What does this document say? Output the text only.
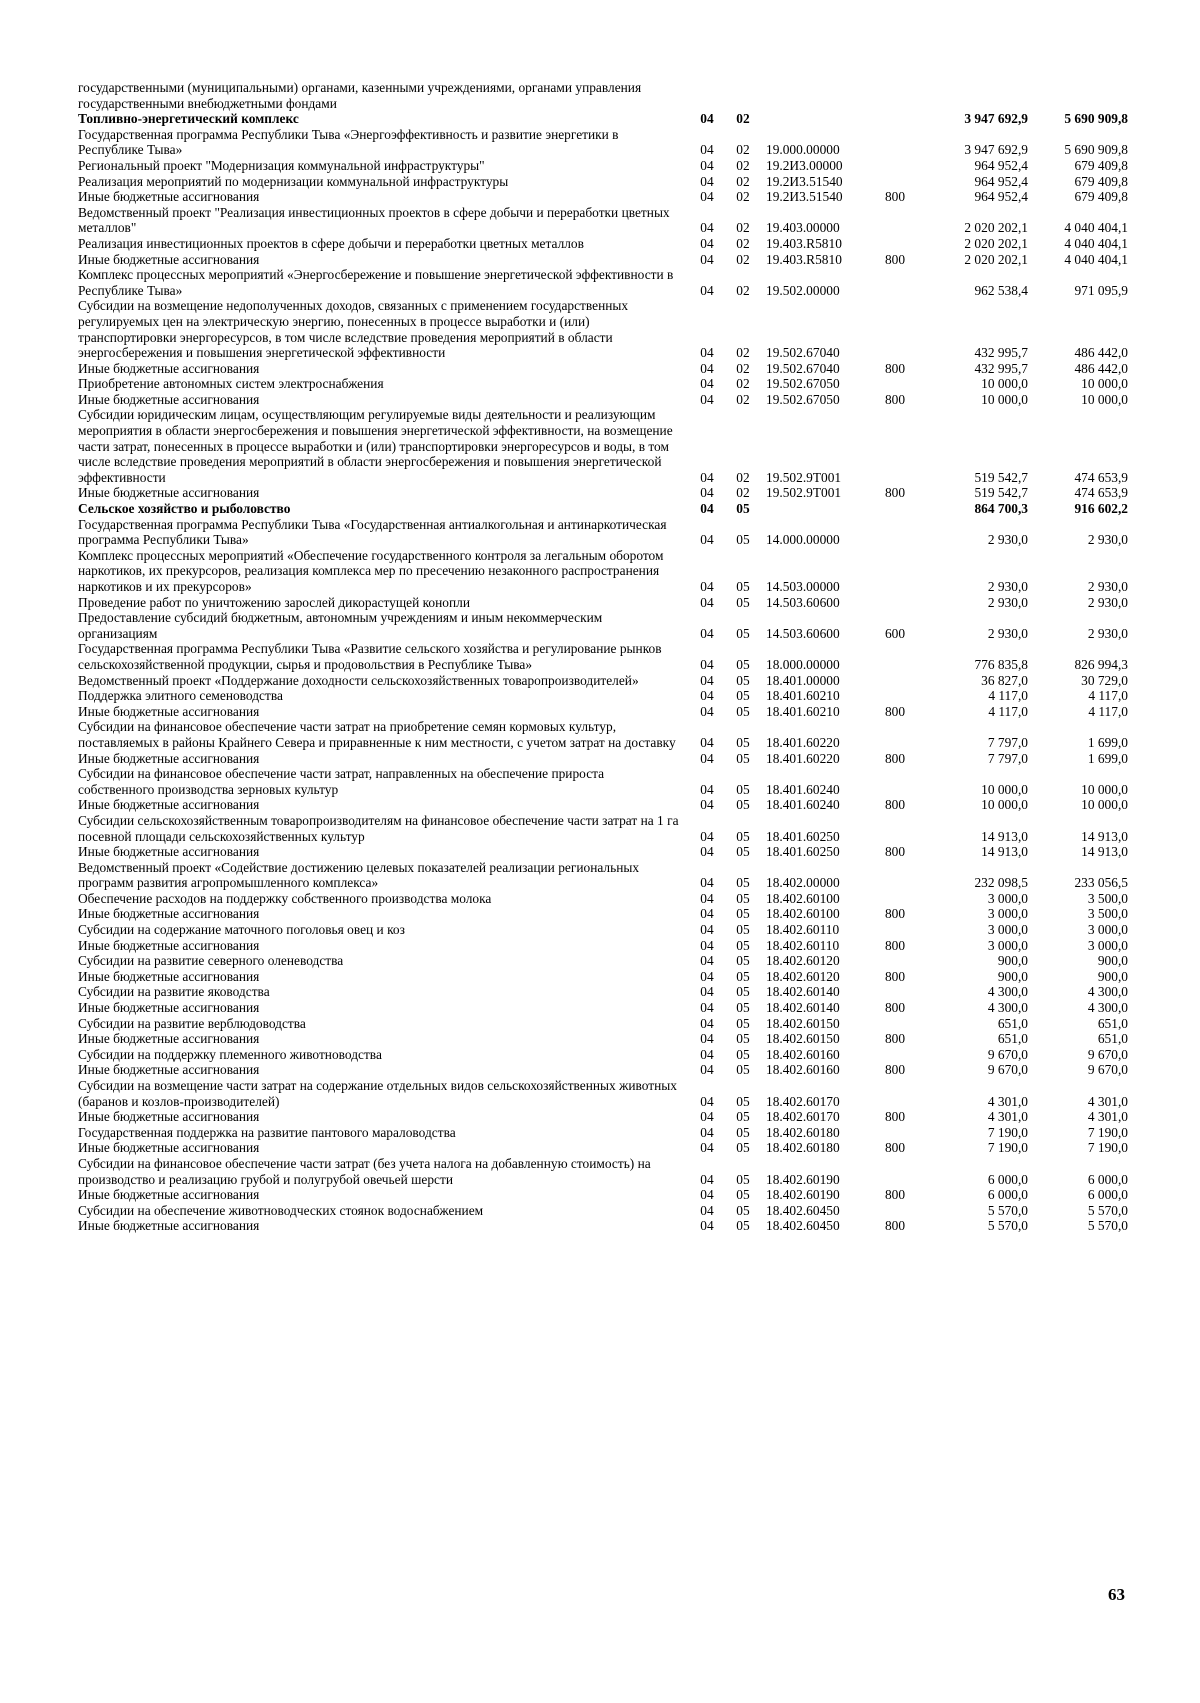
государственными (муниципальными) органами, казенными учреждениями, органами управления государственными внебюджетными фондами						
Топливно-энергетический комплекс	04	02			3 947 692,9	5 690 909,8
Государственная программа Республики Тыва «Энергоэффективность и развитие энергетики в Республике Тыва»	04	02	19.000.00000		3 947 692,9	5 690 909,8
Региональный проект "Модернизация коммунальной инфраструктуры"	04	02	19.2И3.00000		964 952,4	679 409,8
Реализация мероприятий по модернизации коммунальной инфраструктуры	04	02	19.2И3.51540		964 952,4	679 409,8
Иные бюджетные ассигнования	04	02	19.2И3.51540	800	964 952,4	679 409,8
Ведомственный проект "Реализация инвестиционных проектов в сфере добычи и переработки цветных металлов"	04	02	19.403.00000		2 020 202,1	4 040 404,1
Реализация инвестиционных проектов в сфере добычи и переработки цветных металлов	04	02	19.403.R5810		2 020 202,1	4 040 404,1
Иные бюджетные ассигнования	04	02	19.403.R5810	800	2 020 202,1	4 040 404,1
Комплекс процессных мероприятий «Энергосбережение и повышение энергетической эффективности в Республике Тыва»	04	02	19.502.00000		962 538,4	971 095,9
Субсидии на возмещение недополученных доходов, связанных с применением государственных регулируемых цен на электрическую энергию, понесенных в процессе выработки и (или) транспортировки энергоресурсов, в том числе вследствие проведения мероприятий в области энергосбережения и повышения энергетической эффективности	04	02	19.502.67040		432 995,7	486 442,0
Иные бюджетные ассигнования	04	02	19.502.67040	800	432 995,7	486 442,0
Приобретение автономных систем электроснабжения	04	02	19.502.67050		10 000,0	10 000,0
Иные бюджетные ассигнования	04	02	19.502.67050	800	10 000,0	10 000,0
Субсидии юридическим лицам, осуществляющим регулируемые виды деятельности и реализующим мероприятия в области энергосбережения и повышения энергетической эффективности, на возмещение части затрат, понесенных в процессе выработки и (или) транспортировки энергоресурсов и воды, в том числе вследствие проведения мероприятий в области энергосбережения и повышения энергетической эффективности	04	02	19.502.9Т001		519 542,7	474 653,9
Иные бюджетные ассигнования	04	02	19.502.9Т001	800	519 542,7	474 653,9
Сельское хозяйство и рыболовство	04	05			864 700,3	916 602,2
Государственная программа Республики Тыва «Государственная антиалкогольная и антинаркотическая программа Республики Тыва»	04	05	14.000.00000		2 930,0	2 930,0
Комплекс процессных мероприятий «Обеспечение государственного контроля за легальным оборотом наркотиков, их прекурсоров, реализация комплекса мер по пресечению незаконного распространения наркотиков и их прекурсоров»	04	05	14.503.00000		2 930,0	2 930,0
Проведение работ по уничтожению зарослей дикорастущей конопли	04	05	14.503.60600		2 930,0	2 930,0
Предоставление субсидий бюджетным, автономным учреждениям и иным некоммерческим организациям	04	05	14.503.60600	600	2 930,0	2 930,0
Государственная программа Республики Тыва «Развитие сельского хозяйства и регулирование рынков сельскохозяйственной продукции, сырья и продовольствия в Республике Тыва»	04	05	18.000.00000		776 835,8	826 994,3
Ведомственный проект «Поддержание доходности сельскохозяйственных товаропроизводителей»	04	05	18.401.00000		36 827,0	30 729,0
Поддержка элитного семеноводства	04	05	18.401.60210		4 117,0	4 117,0
Иные бюджетные ассигнования	04	05	18.401.60210	800	4 117,0	4 117,0
Субсидии на финансовое обеспечение части затрат на приобретение семян кормовых культур, поставляемых в районы Крайнего Севера и приравненные к ним местности, с учетом затрат на доставку	04	05	18.401.60220		7 797,0	1 699,0
Иные бюджетные ассигнования	04	05	18.401.60220	800	7 797,0	1 699,0
Субсидии на финансовое обеспечение части затрат, направленных на обеспечение прироста собственного производства зерновых культур	04	05	18.401.60240		10 000,0	10 000,0
Иные бюджетные ассигнования	04	05	18.401.60240	800	10 000,0	10 000,0
Субсидии сельскохозяйственным товаропроизводителям на финансовое обеспечение части затрат на 1 га посевной площади сельскохозяйственных культур	04	05	18.401.60250		14 913,0	14 913,0
Иные бюджетные ассигнования	04	05	18.401.60250	800	14 913,0	14 913,0
Ведомственный проект «Содействие достижению целевых показателей реализации региональных программ развития агропромышленного комплекса»	04	05	18.402.00000		232 098,5	233 056,5
Обеспечение расходов на поддержку собственного производства молока	04	05	18.402.60100		3 000,0	3 500,0
Иные бюджетные ассигнования	04	05	18.402.60100	800	3 000,0	3 500,0
Субсидии на содержание маточного поголовья овец и коз	04	05	18.402.60110		3 000,0	3 000,0
Иные бюджетные ассигнования	04	05	18.402.60110	800	3 000,0	3 000,0
Субсидии на развитие северного оленеводства	04	05	18.402.60120		900,0	900,0
Иные бюджетные ассигнования	04	05	18.402.60120	800	900,0	900,0
Субсидии на развитие яководства	04	05	18.402.60140		4 300,0	4 300,0
Иные бюджетные ассигнования	04	05	18.402.60140	800	4 300,0	4 300,0
Субсидии на развитие верблюдоводства	04	05	18.402.60150		651,0	651,0
Иные бюджетные ассигнования	04	05	18.402.60150	800	651,0	651,0
Субсидии на поддержку племенного животноводства	04	05	18.402.60160		9 670,0	9 670,0
Иные бюджетные ассигнования	04	05	18.402.60160	800	9 670,0	9 670,0
Субсидии на возмещение части затрат на содержание отдельных видов сельскохозяйственных животных (баранов и козлов-производителей)	04	05	18.402.60170		4 301,0	4 301,0
Иные бюджетные ассигнования	04	05	18.402.60170	800	4 301,0	4 301,0
Государственная поддержка на развитие пантового мараловодства	04	05	18.402.60180		7 190,0	7 190,0
Иные бюджетные ассигнования	04	05	18.402.60180	800	7 190,0	7 190,0
Субсидии на финансовое обеспечение части затрат (без учета налога на добавленную стоимость) на производство и реализацию грубой и полугрубой овечьей шерсти	04	05	18.402.60190		6 000,0	6 000,0
Иные бюджетные ассигнования	04	05	18.402.60190	800	6 000,0	6 000,0
Субсидии на обеспечение животноводческих стоянок водоснабжением	04	05	18.402.60450		5 570,0	5 570,0
Иные бюджетные ассигнования	04	05	18.402.60450	800	5 570,0	5 570,0
63
